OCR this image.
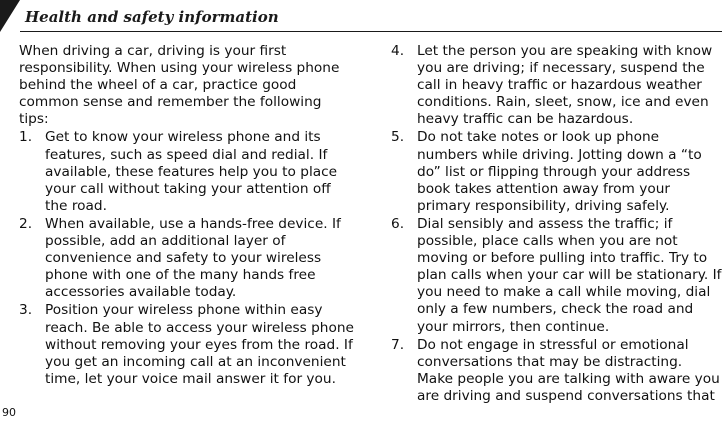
Health and safety information

When driving a car, driving is your first responsibility. When using your wireless phone behind the wheel of a car, practice good common sense and remember the following tips:

1. Get to know your wireless phone and its features, such as speed dial and redial. If available, these features help you to place your call without taking your attention off the road.
2. When available, use a hands-free device. If possible, add an additional layer of convenience and safety to your wireless phone with one of the many hands free accessories available today.
3. Position your wireless phone within easy reach. Be able to access your wireless phone without removing your eyes from the road. If you get an incoming call at an inconvenient time, let your voice mail answer it for you.
4. Let the person you are speaking with know you are driving; if necessary, suspend the call in heavy traffic or hazardous weather conditions. Rain, sleet, snow, ice and even heavy traffic can be hazardous.
5. Do not take notes or look up phone numbers while driving. Jotting down a “to do” list or flipping through your address book takes attention away from your primary responsibility, driving safely.
6. Dial sensibly and assess the traffic; if possible, place calls when you are not moving or before pulling into traffic. Try to plan calls when your car will be stationary. If you need to make a call while moving, dial only a few numbers, check the road and your mirrors, then continue.
7. Do not engage in stressful or emotional conversations that may be distracting. Make people you are talking with aware you are driving and suspend conversations that
90
